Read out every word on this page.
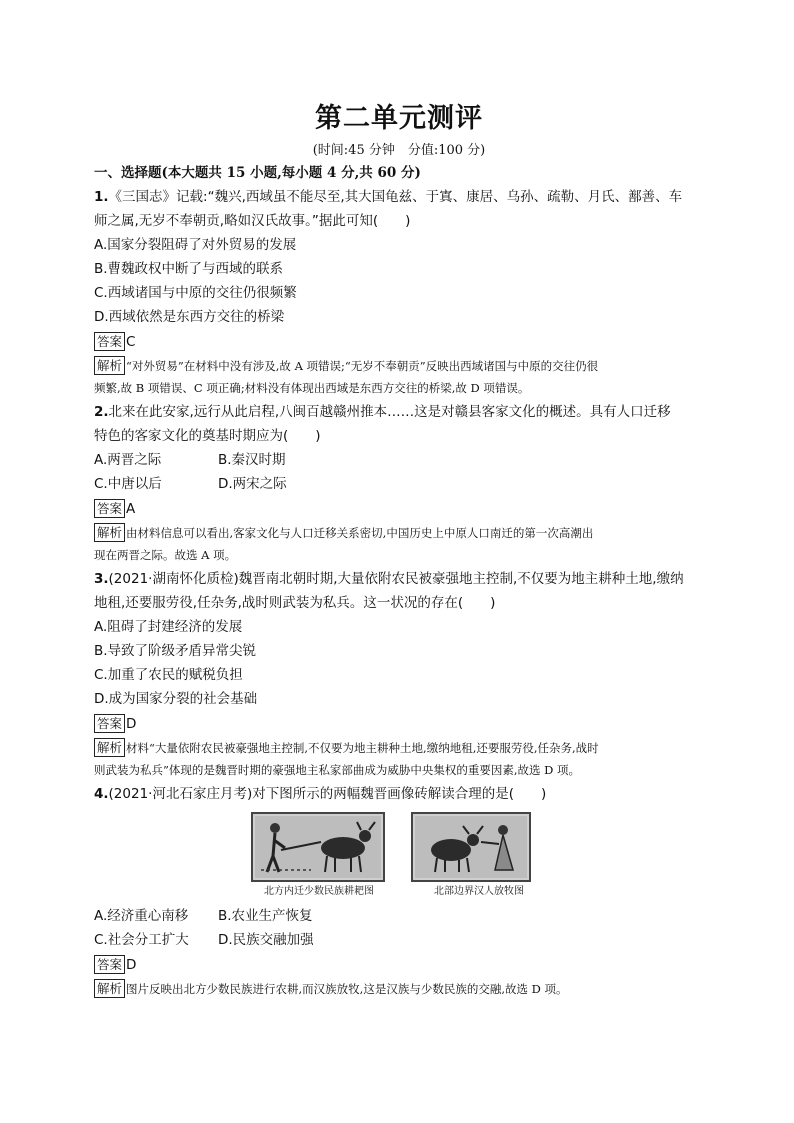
第二单元测评
(时间:45 分钟　分值:100 分)
一、选择题(本大题共 15 小题,每小题 4 分,共 60 分)
1.《三国志》记载:“魏兴,西域虽不能尽至,其大国龟兹、于寘、康居、乌孙、疏勒、月氏、鄯善、车
师之属,无岁不奉朝贡,略如汉氏故事。”据此可知(　　)
A.国家分裂阻碍了对外贸易的发展
B.曹魏政权中断了与西域的联系
C.西域诸国与中原的交往仍很频繁
D.西域依然是东西方交往的桥梁
答案 C
解析 “对外贸易”在材料中没有涉及,故 A 项错误;“无岁不奉朝贡”反映出西域诸国与中原的交往仍很
频繁,故 B 项错误、C 项正确;材料没有体现出西域是东西方交往的桥梁,故 D 项错误。
2.北来在此安家,远行从此启程,八闽百越赣州推本……这是对赣县客家文化的概述。具有人口迁移
特色的客家文化的奠基时期应为(　　)
A.两晋之际	B.秦汉时期
C.中唐以后	D.两宋之际
答案 A
解析 由材料信息可以看出,客家文化与人口迁移关系密切,中国历史上中原人口南迁的第一次高潮出
现在两晋之际。故选 A 项。
3.(2021·湖南怀化质检)魏晋南北朝时期,大量依附农民被豪强地主控制,不仅要为地主耕种土地,缴纳
地租,还要服劳役,任杂务,战时则武装为私兵。这一状况的存在(　　)
A.阻碍了封建经济的发展
B.导致了阶级矛盾异常尖锐
C.加重了农民的赋税负担
D.成为国家分裂的社会基础
答案 D
解析 材料“大量依附农民被豪强地主控制,不仅要为地主耕种土地,缴纳地租,还要服劳役,任杂务,战时
则武装为私兵”体现的是魏晋时期的豪强地主私家部曲成为威胁中央集权的重要因素,故选 D 项。
4.(2021·河北石家庄月考)对下图所示的两幅魏晋画像砖解读合理的是(　　)
北方内迁少数民族耕耙图	北部边界汉人放牧图
A.经济重心南移	B.农业生产恢复
C.社会分工扩大	D.民族交融加强
答案 D
解析 图片反映出北方少数民族进行农耕,而汉族放牧,这是汉族与少数民族的交融,故选 D 项。
